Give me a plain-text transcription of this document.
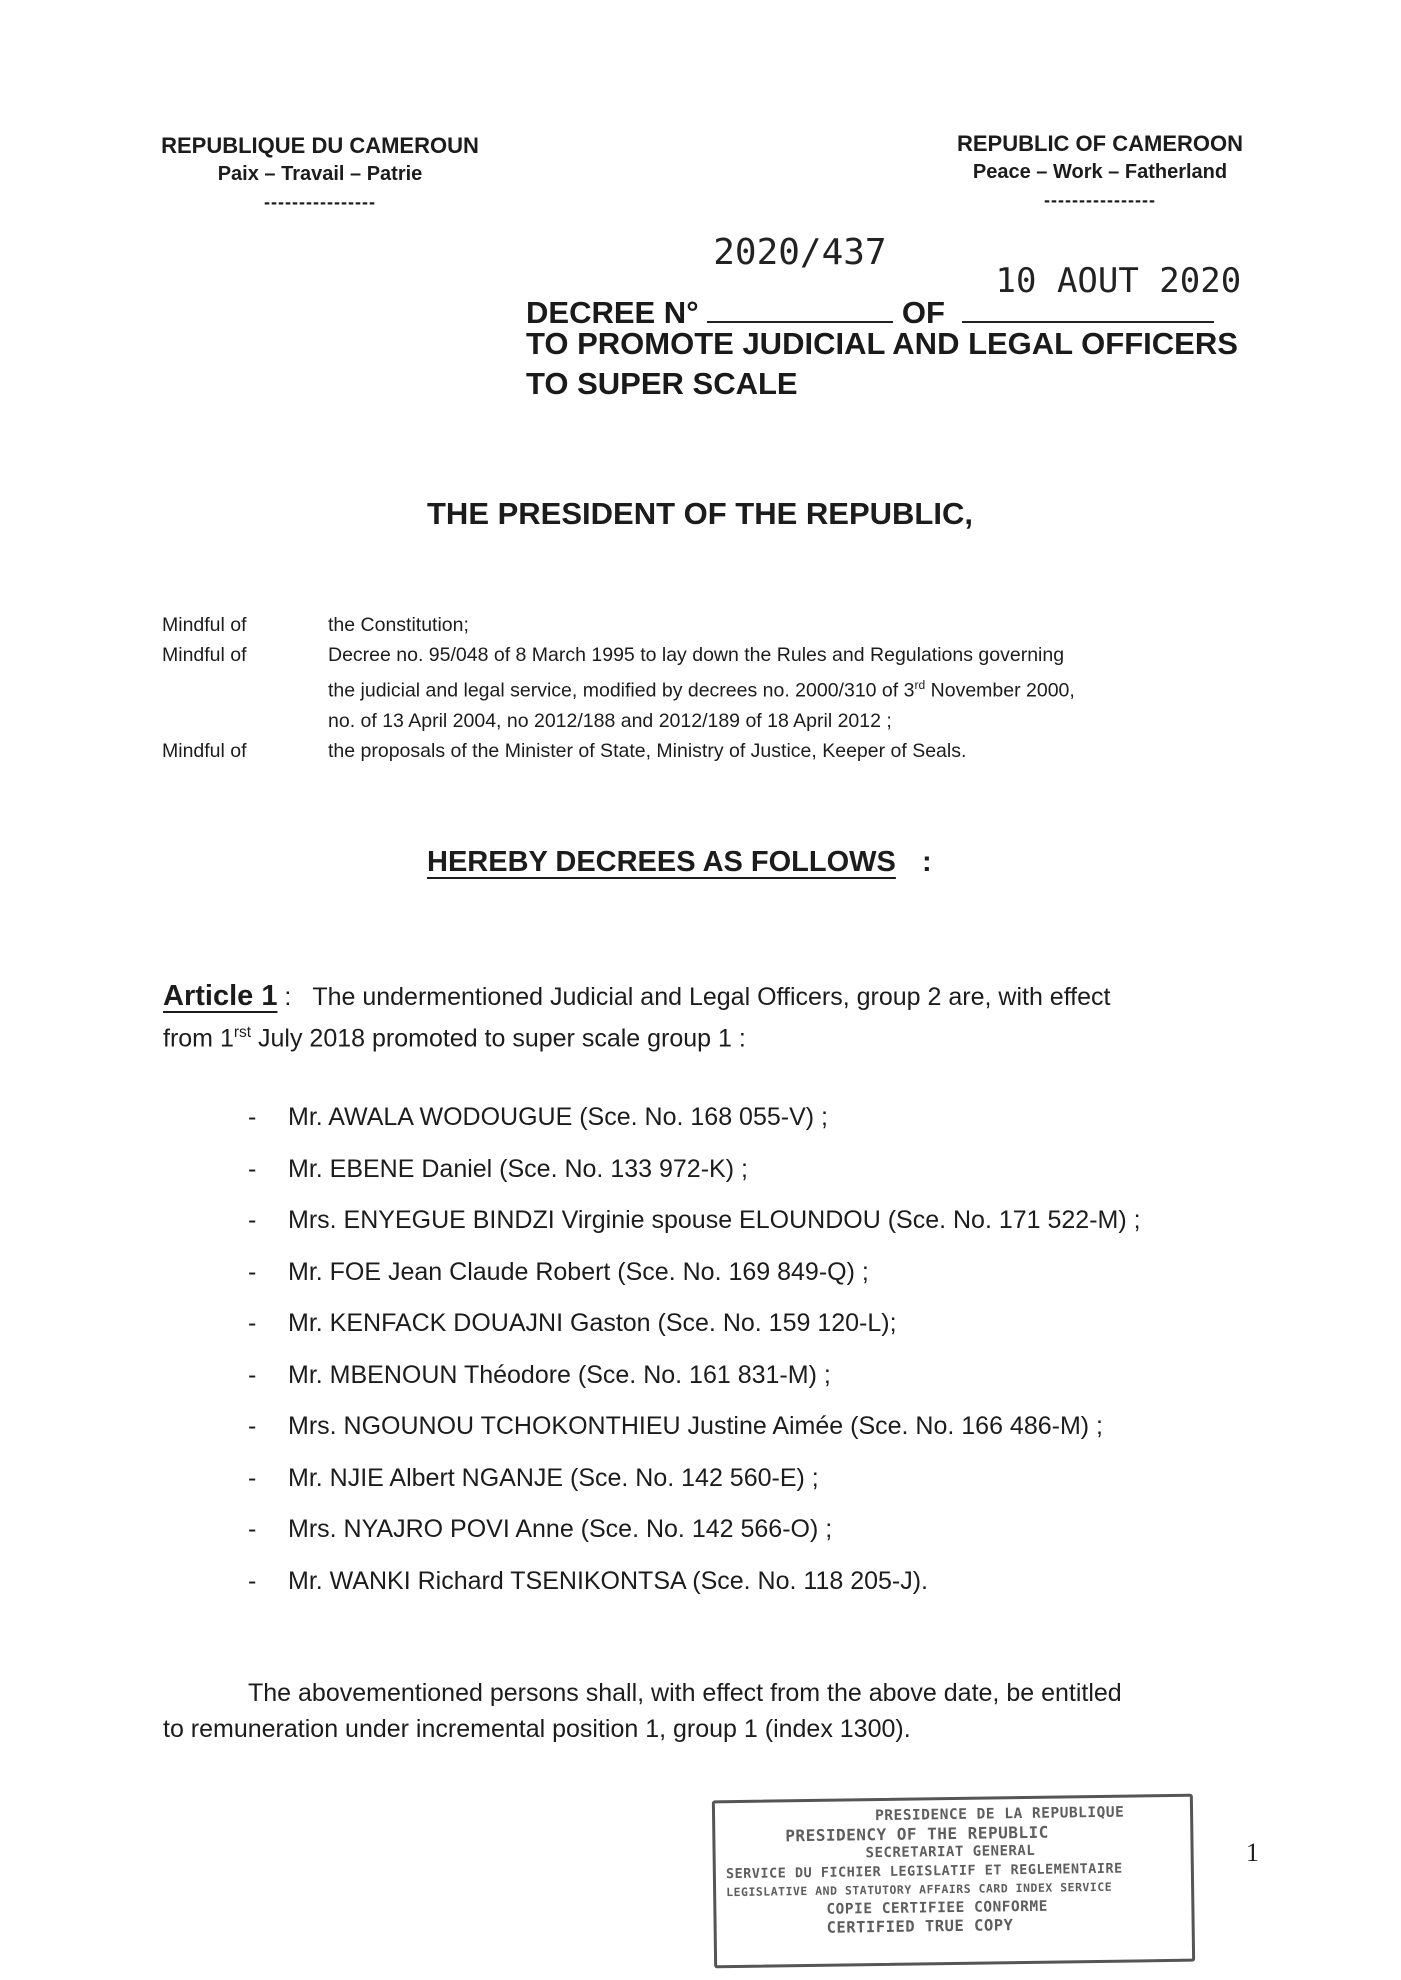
REPUBLIQUE DU CAMEROUN
Paix – Travail – Patrie
----------------
REPUBLIC OF CAMEROON
Peace – Work – Fatherland
----------------
DECREE N°
2020/437
OF
10 AOUT 2020
TO PROMOTE JUDICIAL AND LEGAL OFFICERS
TO SUPER SCALE
THE PRESIDENT OF THE REPUBLIC,
Mindful of	the Constitution;
Mindful of	Decree no. 95/048 of 8 March 1995 to lay down the Rules and Regulations governing
the judicial and legal service, modified by decrees no. 2000/310 of 3rd November 2000,
no. of 13 April 2004, no 2012/188 and 2012/189 of 18 April 2012 ;
Mindful of	the proposals of the Minister of State, Ministry of Justice, Keeper of Seals.
HEREBY DECREES AS FOLLOWS :
Article 1 : The undermentioned Judicial and Legal Officers, group 2 are, with effect
from $1^{rst}$ July 2018 promoted to super scale group 1 :
- Mr. AWALA WODOUGUE (Sce. No. 168 055-V) ;
- Mr. EBENE Daniel (Sce. No. 133 972-K) ;
- Mrs. ENYEGUE BINDZI Virginie spouse ELOUNDOU (Sce. No. 171 522-M) ;
- Mr. FOE Jean Claude Robert (Sce. No. 169 849-Q) ;
- Mr. KENFACK DOUAJNI Gaston (Sce. No. 159 120-L);
- Mr. MBENOUN Théodore (Sce. No. 161 831-M) ;
- Mrs. NGOUNOU TCHOKONTHIEU Justine Aimée (Sce. No. 166 486-M) ;
- Mr. NJIE Albert NGANJE (Sce. No. 142 560-E) ;
- Mrs. NYAJRO POVI Anne (Sce. No. 142 566-O) ;
- Mr. WANKI Richard TSENIKONTSA (Sce. No. 118 205-J).
The abovementioned persons shall, with effect from the above date, be entitled
to remuneration under incremental position 1, group 1 (index 1300).
PRESIDENCE DE LA REPUBLIQUE
PRESIDENCY OF THE REPUBLIC
SECRETARIAT GENERAL
SERVICE DU FICHIER LEGISLATIF ET REGLEMENTAIRE
LEGISLATIVE AND STATUTORY AFFAIRS CARD INDEX SERVICE
COPIE CERTIFIEE CONFORME
CERTIFIED TRUE COPY
1
